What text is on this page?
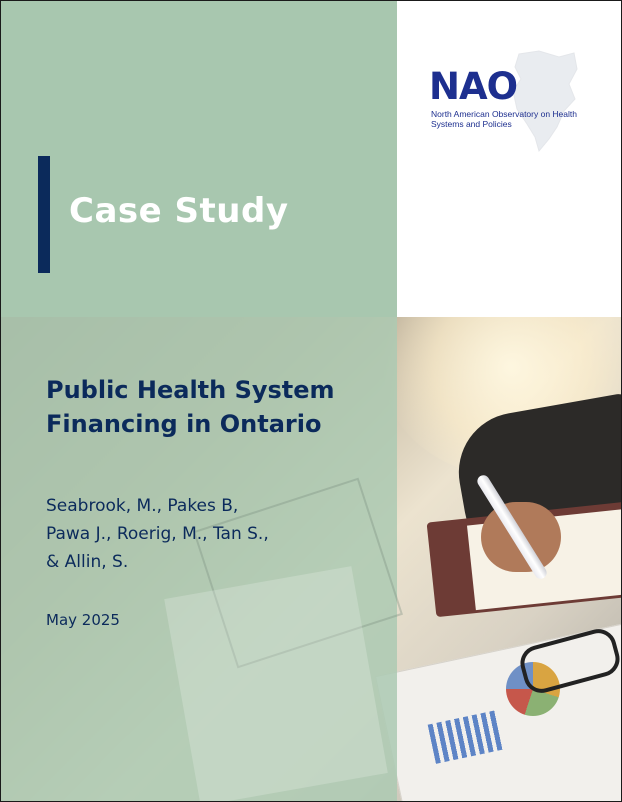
NAO
North American Observatory on Health Systems and Policies
Case Study
Public Health System Financing in Ontario
Seabrook, M., Pakes B,
Pawa J., Roerig, M., Tan S.,
& Allin, S.
May 2025
